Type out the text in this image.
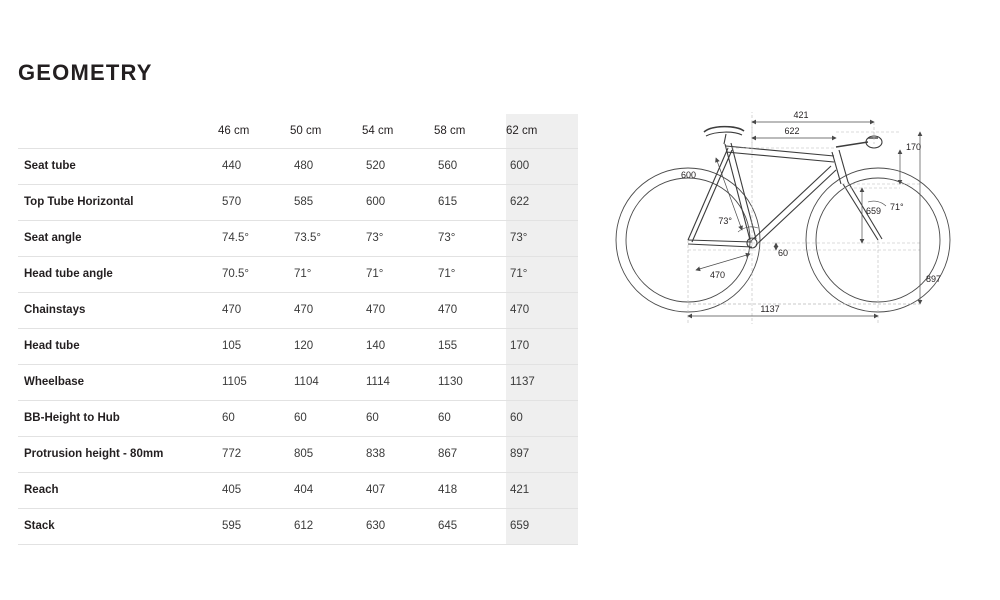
GEOMETRY
	46 cm	50 cm	54 cm	58 cm	62 cm
Seat tube	440	480	520	560	600
Top Tube Horizontal	570	585	600	615	622
Seat angle	74.5°	73.5°	73°	73°	73°
Head tube angle	70.5°	71°	71°	71°	71°
Chainstays	470	470	470	470	470
Head tube	105	120	140	155	170
Wheelbase	1105	1104	1114	1130	1137
BB-Height to Hub	60	60	60	60	60
Protrusion height - 80mm	772	805	838	867	897
Reach	405	404	407	418	421
Stack	595	612	630	645	659
421
622
170
600
659
73°
71°
60
470	897
1137
